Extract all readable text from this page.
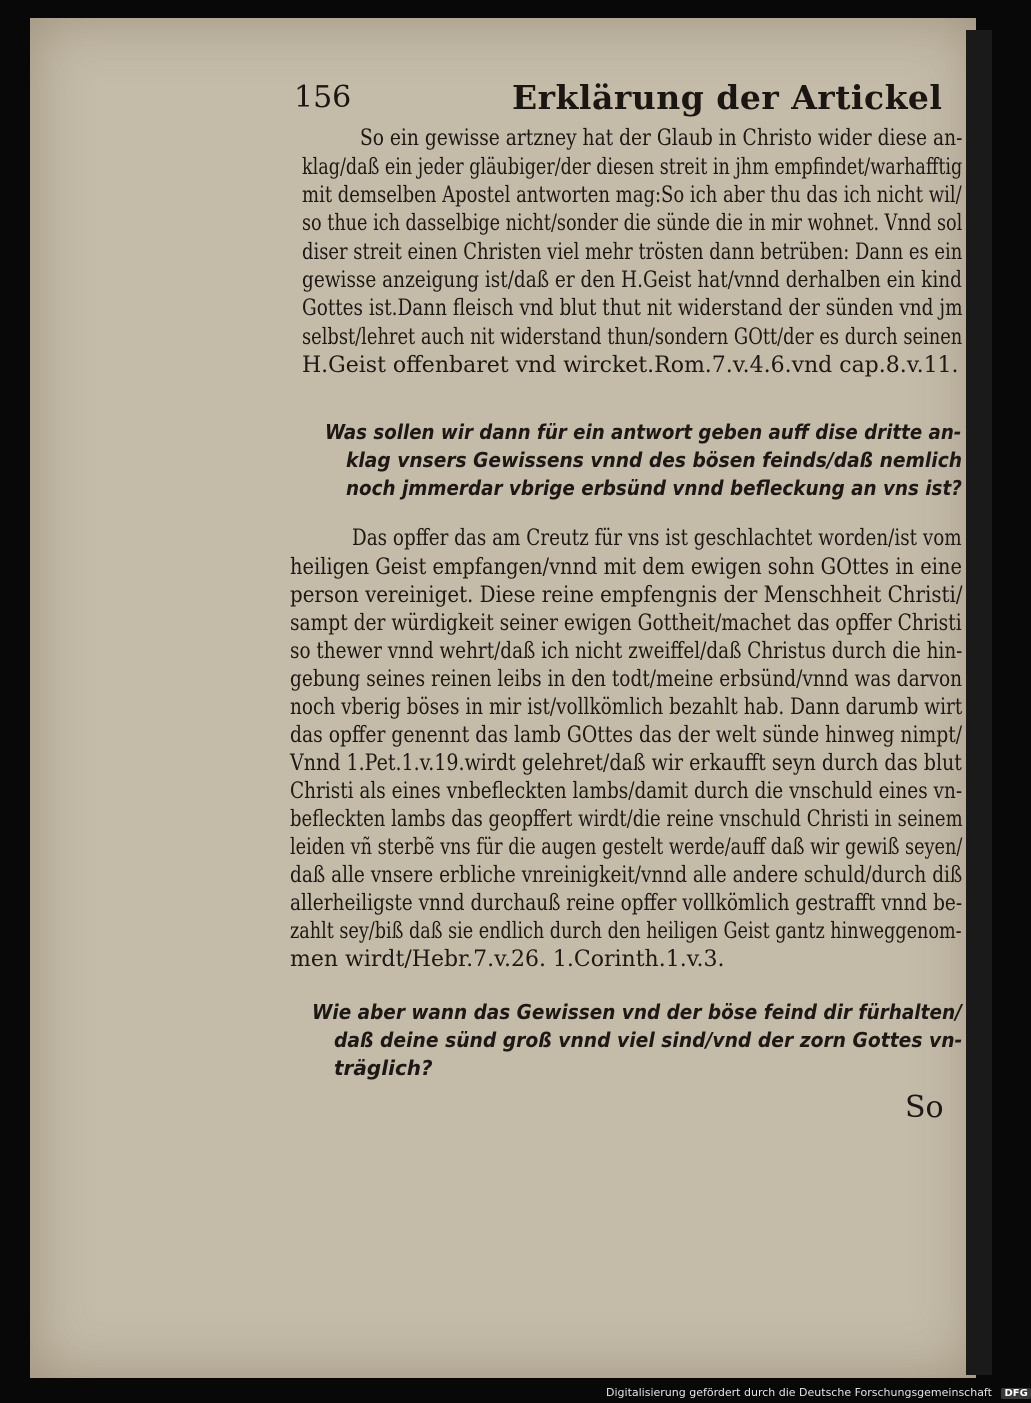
156	Erklärung der Artickel
So ein gewisse artzney hat der Glaub in Christo wider diese an-
klag/daß ein jeder gläubiger/der diesen streit in jhm empfindet/warhafftig
mit demselben Apostel antworten mag:So ich aber thu das ich nicht wil/
so thue ich dasselbige nicht/sonder die sünde die in mir wohnet. Vnnd sol
diser streit einen Christen viel mehr trösten dann betrüben: Dann es ein
gewisse anzeigung ist/daß er den H.Geist hat/vnnd derhalben ein kind
Gottes ist.Dann fleisch vnd blut thut nit widerstand der sünden vnd jm
selbst/lehret auch nit widerstand thun/sondern GOtt/der es durch seinen
H.Geist offenbaret vnd wircket.Rom.7.v.4.6.vnd cap.8.v.11.
Was sollen wir dann für ein antwort geben auff dise dritte an-
klag vnsers Gewissens vnnd des bösen feinds/daß nemlich
noch jmmerdar vbrige erbsünd vnnd befleckung an vns ist?
Das opffer das am Creutz für vns ist geschlachtet worden/ist vom
heiligen Geist empfangen/vnnd mit dem ewigen sohn GOttes in eine
person vereiniget. Diese reine empfengnis der Menschheit Christi/
sampt der würdigkeit seiner ewigen Gottheit/machet das opffer Christi
so thewer vnnd wehrt/daß ich nicht zweiffel/daß Christus durch die hin-
gebung seines reinen leibs in den todt/meine erbsünd/vnnd was darvon
noch vberig böses in mir ist/vollkömlich bezahlt hab. Dann darumb wirt
das opffer genennt das lamb GOttes das der welt sünde hinweg nimpt/
Vnnd 1.Pet.1.v.19.wirdt gelehret/daß wir erkaufft seyn durch das blut
Christi als eines vnbefleckten lambs/damit durch die vnschuld eines vn-
befleckten lambs das geopffert wirdt/die reine vnschuld Christi in seinem
leiden vñ sterbẽ vns für die augen gestelt werde/auff daß wir gewiß seyen/
daß alle vnsere erbliche vnreinigkeit/vnnd alle andere schuld/durch diß
allerheiligste vnnd durchauß reine opffer vollkömlich gestrafft vnnd be-
zahlt sey/biß daß sie endlich durch den heiligen Geist gantz hinweggenom-
men wirdt/Hebr.7.v.26. 1.Corinth.1.v.3.
Wie aber wann das Gewissen vnd der böse feind dir fürhalten/
daß deine sünd groß vnnd viel sind/vnd der zorn Gottes vn-
träglich?
So
Digitalisierung gefördert durch die Deutsche Forschungsgemeinschaft DFG
